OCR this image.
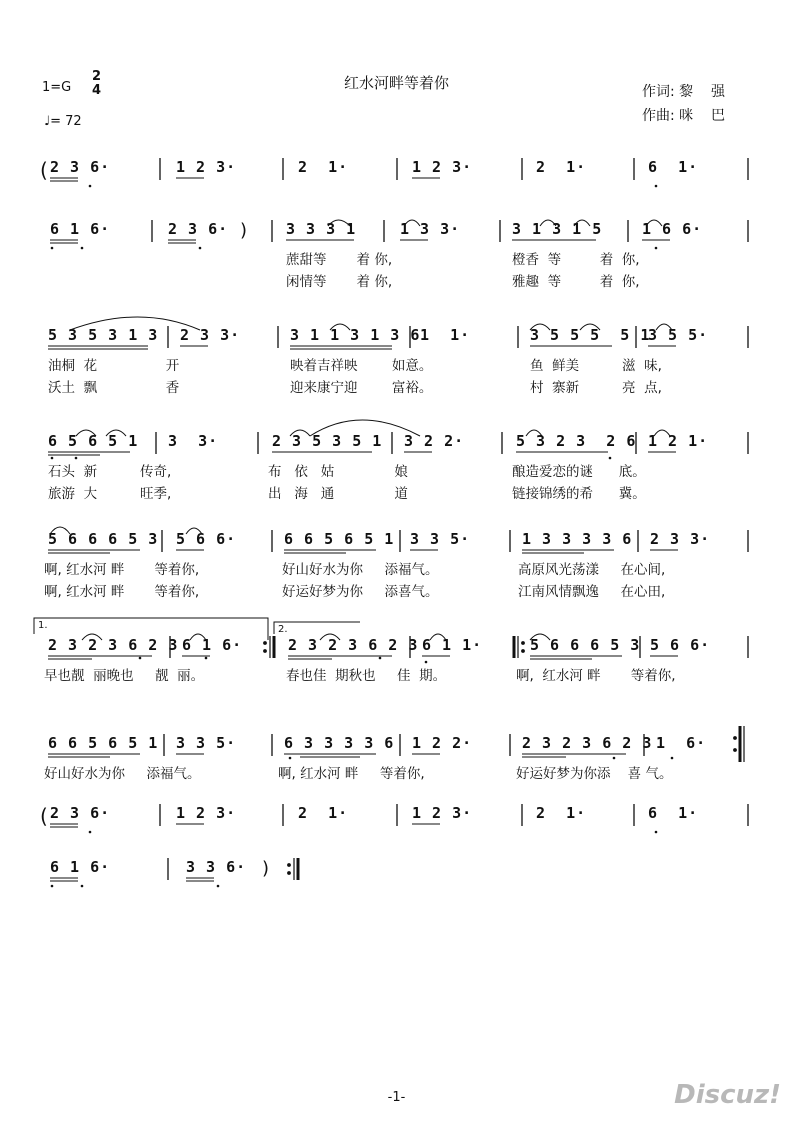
红水河畔等着你
1=G
2
4
♩= 72
作词: 黎    强
作曲: 咪    巴
2 3 6·	1 2 3·	2  1·	1 2 3·	2  1·	6  1·
6 1 6·	2 3 6·	3 3 3 1	1 3 3·	3 1 3 1 5	1 6 6·
蔗甜等       着 你,	橙香  等         着  你,
闲情等       着 你,	雅趣  等         着  你,
5 3 5 3 1 3 2 3 3·	3 1 1 3 1 3 6 1  1·	3 5 5 5  5 1
3 5 5·
油桐  花                开	映着吉祥映        如意。	鱼  鲜美          滋  味,
沃土  飘                香	迎来康宁迎        富裕。	村  寨新          亮  点,
6 5 6 5 1 3  3·	2 3 5 3 5 1 3 2 2·	5 3 2 3  2 6 1 2 1·
石头  新          传奇,	布   依   姑              娘	酿造爱恋的谜      底。
旅游  大          旺季,	出   海   通              道	链接锦绣的希      冀。
5 6 6 6 5 3 5 6 6·	6 6 5 6 5 1 3 3 5·	1 3 3 3 3 6 2 3 3·
啊, 红水河 畔       等着你,	好山好水为你     添福气。	高原风光荡漾     在心间,
啊, 红水河 畔       等着你,	好运好梦为你     添喜气。	江南风情飘逸     在心田,
2 3 2 3 6 2 3 6 1 6·	2 3 2 3 6 2 3 6 1 1·	5 6 6 6 5 3 5 6 6·
早也靓  丽晚也     靓  丽。	春也佳  期秋也     佳  期。	啊,  红水河 畔       等着你,
6 6 5 6 5 1 3 3 5·	6 3 3 3 3 6 1 2 2·	2 3 2 3 6 2 3 1  6·
好山好水为你     添福气。	啊, 红水河 畔     等着你,	好运好梦为你添    喜 气。
2 3 6·	1 2 3·	2  1·	1 2 3·	2  1·	6  1·
6 1 6·	3 3 6·
(
)
(
)
1.	2.
-1-	Discuz!
